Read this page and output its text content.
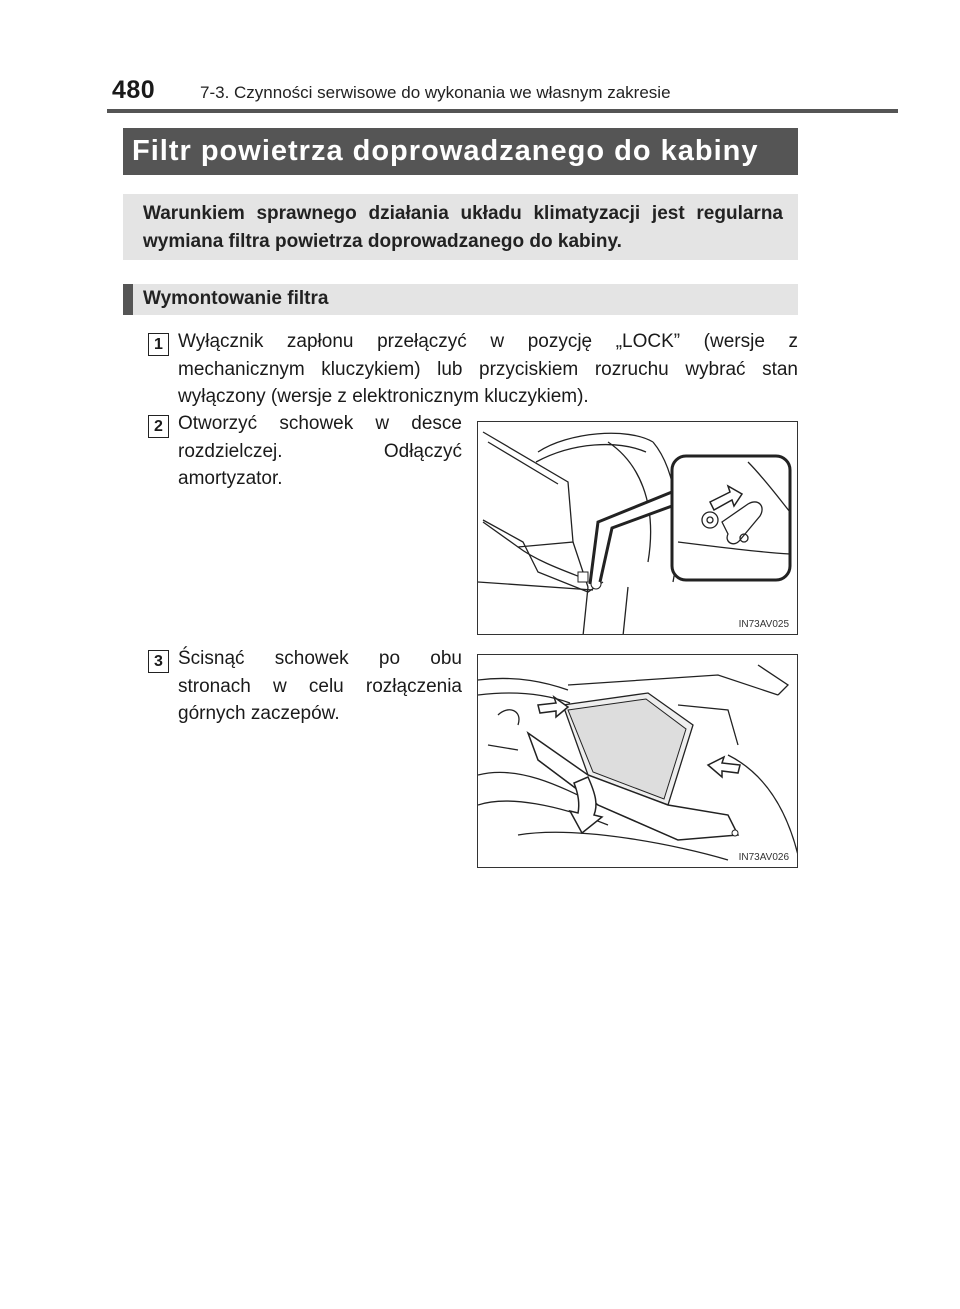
480	7-3. Czynności serwisowe do wykonania we własnym zakresie
Filtr powietrza doprowadzanego do kabiny
Warunkiem sprawnego działania układu klimatyzacji jest regularna wymiana filtra powietrza doprowadzanego do kabiny.
Wymontowanie filtra
1 Wyłącznik zapłonu przełączyć w pozycję „LOCK” (wersje z mechanicznym kluczykiem) lub przyciskiem rozruchu wybrać stan wyłączony (wersje z elektronicznym kluczykiem).
2 Otworzyć schowek w desce rozdzielczej. Odłączyć amortyzator.
IN73AV025
3 Ścisnąć schowek po obu stronach w celu rozłączenia górnych zaczepów.
IN73AV026
